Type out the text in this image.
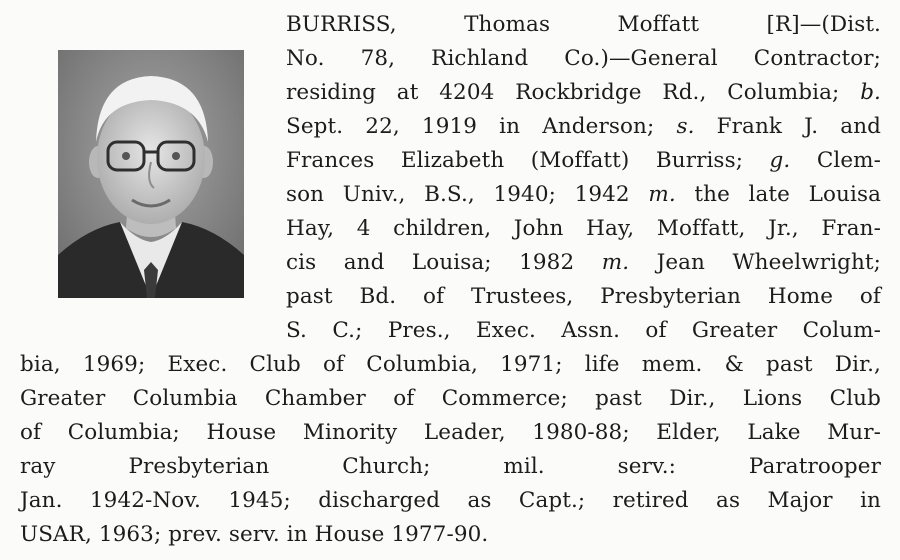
BURRISS, Thomas Moffatt [R]—(Dist.
No. 78, Richland Co.)—General Contractor;
residing at 4204 Rockbridge Rd., Columbia; b.
Sept. 22, 1919 in Anderson; s. Frank J. and
Frances Elizabeth (Moffatt) Burriss; g. Clem-
son Univ., B.S., 1940; 1942 m. the late Louisa
Hay, 4 children, John Hay, Moffatt, Jr., Fran-
cis and Louisa; 1982 m. Jean Wheelwright;
past Bd. of Trustees, Presbyterian Home of
S. C.; Pres., Exec. Assn. of Greater Colum-
bia, 1969; Exec. Club of Columbia, 1971; life mem. & past Dir.,
Greater Columbia Chamber of Commerce; past Dir., Lions Club
of Columbia; House Minority Leader, 1980-88; Elder, Lake Mur-
ray Presbyterian Church; mil. serv.: Paratrooper
Jan. 1942-Nov. 1945; discharged as Capt.; retired as Major in
USAR, 1963; prev. serv. in House 1977-90.
